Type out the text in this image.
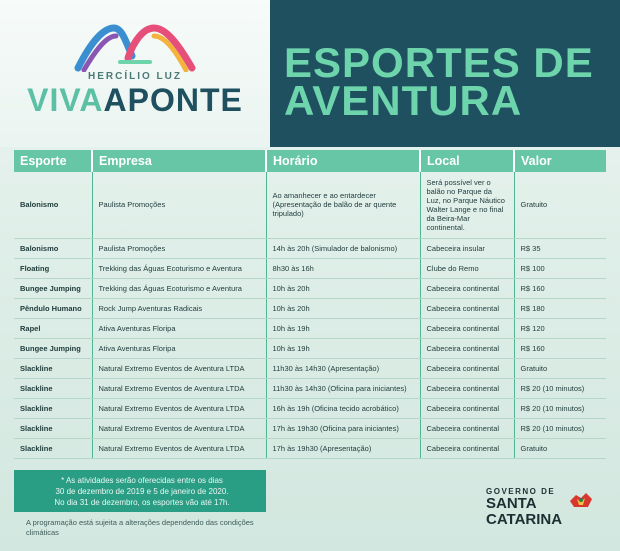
HERCÍLIO LUZ
VIVAAPONTE
ESPORTES DE
AVENTURA
Esporte	Empresa	Horário	Local	Valor
Balonismo	Paulista Promoções	Ao amanhecer e ao entardecer (Apresentação de balão de ar quente tripulado)	Será possível ver o balão no Parque da Luz, no Parque Náutico Walter Lange e no final da Beira-Mar continental.	Gratuito
Balonismo	Paulista Promoções	14h às 20h (Simulador de balonismo)	Cabeceira insular	R$ 35
Floating	Trekking das Águas Ecoturismo e Aventura	8h30 às 16h	Clube do Remo	R$ 100
Bungee Jumping	Trekking das Águas Ecoturismo e Aventura	10h às 20h	Cabeceira continental	R$ 160
Pêndulo Humano	Rock Jump Aventuras Radicais	10h às 20h	Cabeceira continental	R$ 180
Rapel	Ativa Aventuras Floripa	10h às 19h	Cabeceira continental	R$ 120
Bungee Jumping	Ativa Aventuras Floripa	10h às 19h	Cabeceira continental	R$ 160
Slackline	Natural Extremo Eventos de Aventura LTDA	11h30 às 14h30 (Apresentação)	Cabeceira continental	Gratuito
Slackline	Natural Extremo Eventos de Aventura LTDA	11h30 às 14h30 (Oficina para iniciantes)	Cabeceira continental	R$ 20 (10 minutos)
Slackline	Natural Extremo Eventos de Aventura LTDA	16h às 19h (Oficina tecido acrobático)	Cabeceira continental	R$ 20 (10 minutos)
Slackline	Natural Extremo Eventos de Aventura LTDA	17h às 19h30 (Oficina para iniciantes)	Cabeceira continental	R$ 20 (10 minutos)
Slackline	Natural Extremo Eventos de Aventura LTDA	17h às 19h30 (Apresentação)	Cabeceira continental	Gratuito
* As atividades serão oferecidas entre os dias
30 de dezembro de 2019 e 5 de janeiro de 2020.
No dia 31 de dezembro, os esportes vão até 17h.
A programação está sujeita a alterações dependendo das condições climáticas
GOVERNO DE
SANTA
CATARINA
